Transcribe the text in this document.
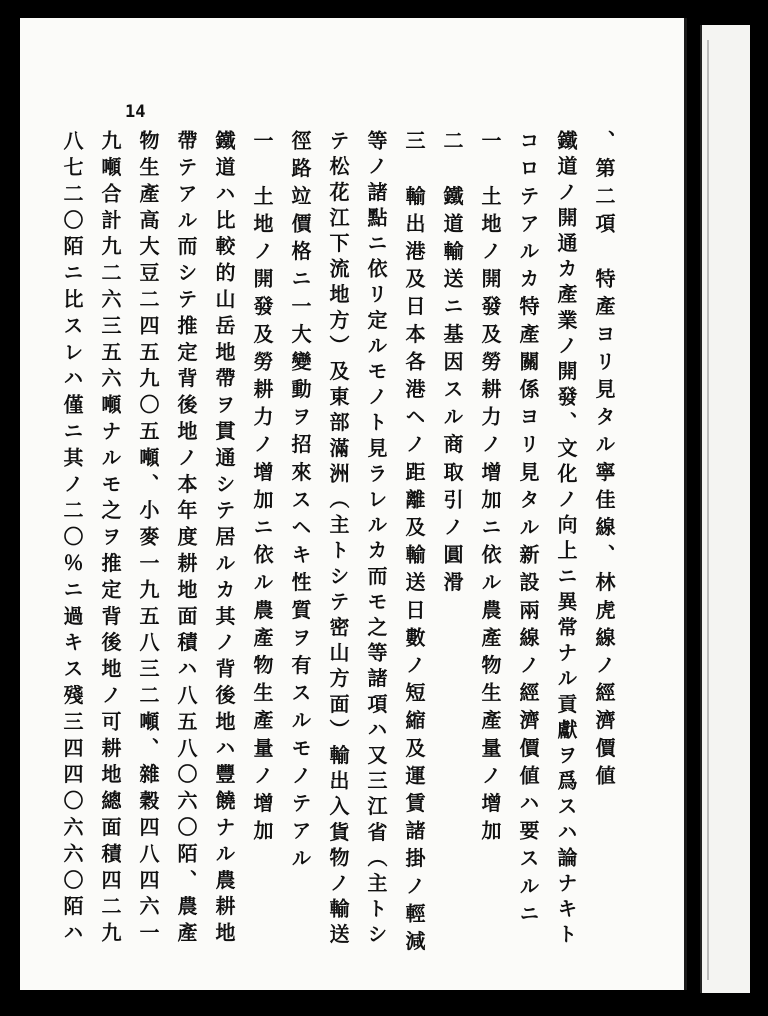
14
、第二項　特產ヨリ見タル寧佳線、林虎線ノ經濟價値
鐵道ノ開通カ產業ノ開發、文化ノ向上ニ異常ナル貢獻ヲ爲スハ論ナキト
コロテアルカ特產關係ヨリ見タル新設兩線ノ經濟價値ハ要スルニ
一　土地ノ開發及勞耕力ノ增加ニ依ル農產物生產量ノ增加
二　鐵道輸送ニ基因スル商取引ノ圓滑
三　輸出港及日本各港ヘノ距離及輸送日數ノ短縮及運賃諸掛ノ輕減
等ノ諸點ニ依リ定ルモノト見ラレルカ而モ之等諸項ハ又三江省（主トシ
テ松花江下流地方）及東部滿洲（主トシテ密山方面）輸出入貨物ノ輸送
徑路竝價格ニ一大變動ヲ招來スヘキ性質ヲ有スルモノテアル
一　土地ノ開發及勞耕力ノ增加ニ依ル農產物生產量ノ增加
鐵道ハ比較的山岳地帶ヲ貫通シテ居ルカ其ノ背後地ハ豐饒ナル農耕地
帶テアル而シテ推定背後地ノ本年度耕地面積ハ八五八〇六〇陌、農產
物生產高大豆二四五九〇五噸、小麥一九五八三二噸、雜穀四八四六一
九噸合計九二六三五六噸ナルモ之ヲ推定背後地ノ可耕地總面積四二九
八七二〇陌ニ比スレハ僅ニ其ノ二〇％ニ過キス殘三四四〇六六〇陌ハ
